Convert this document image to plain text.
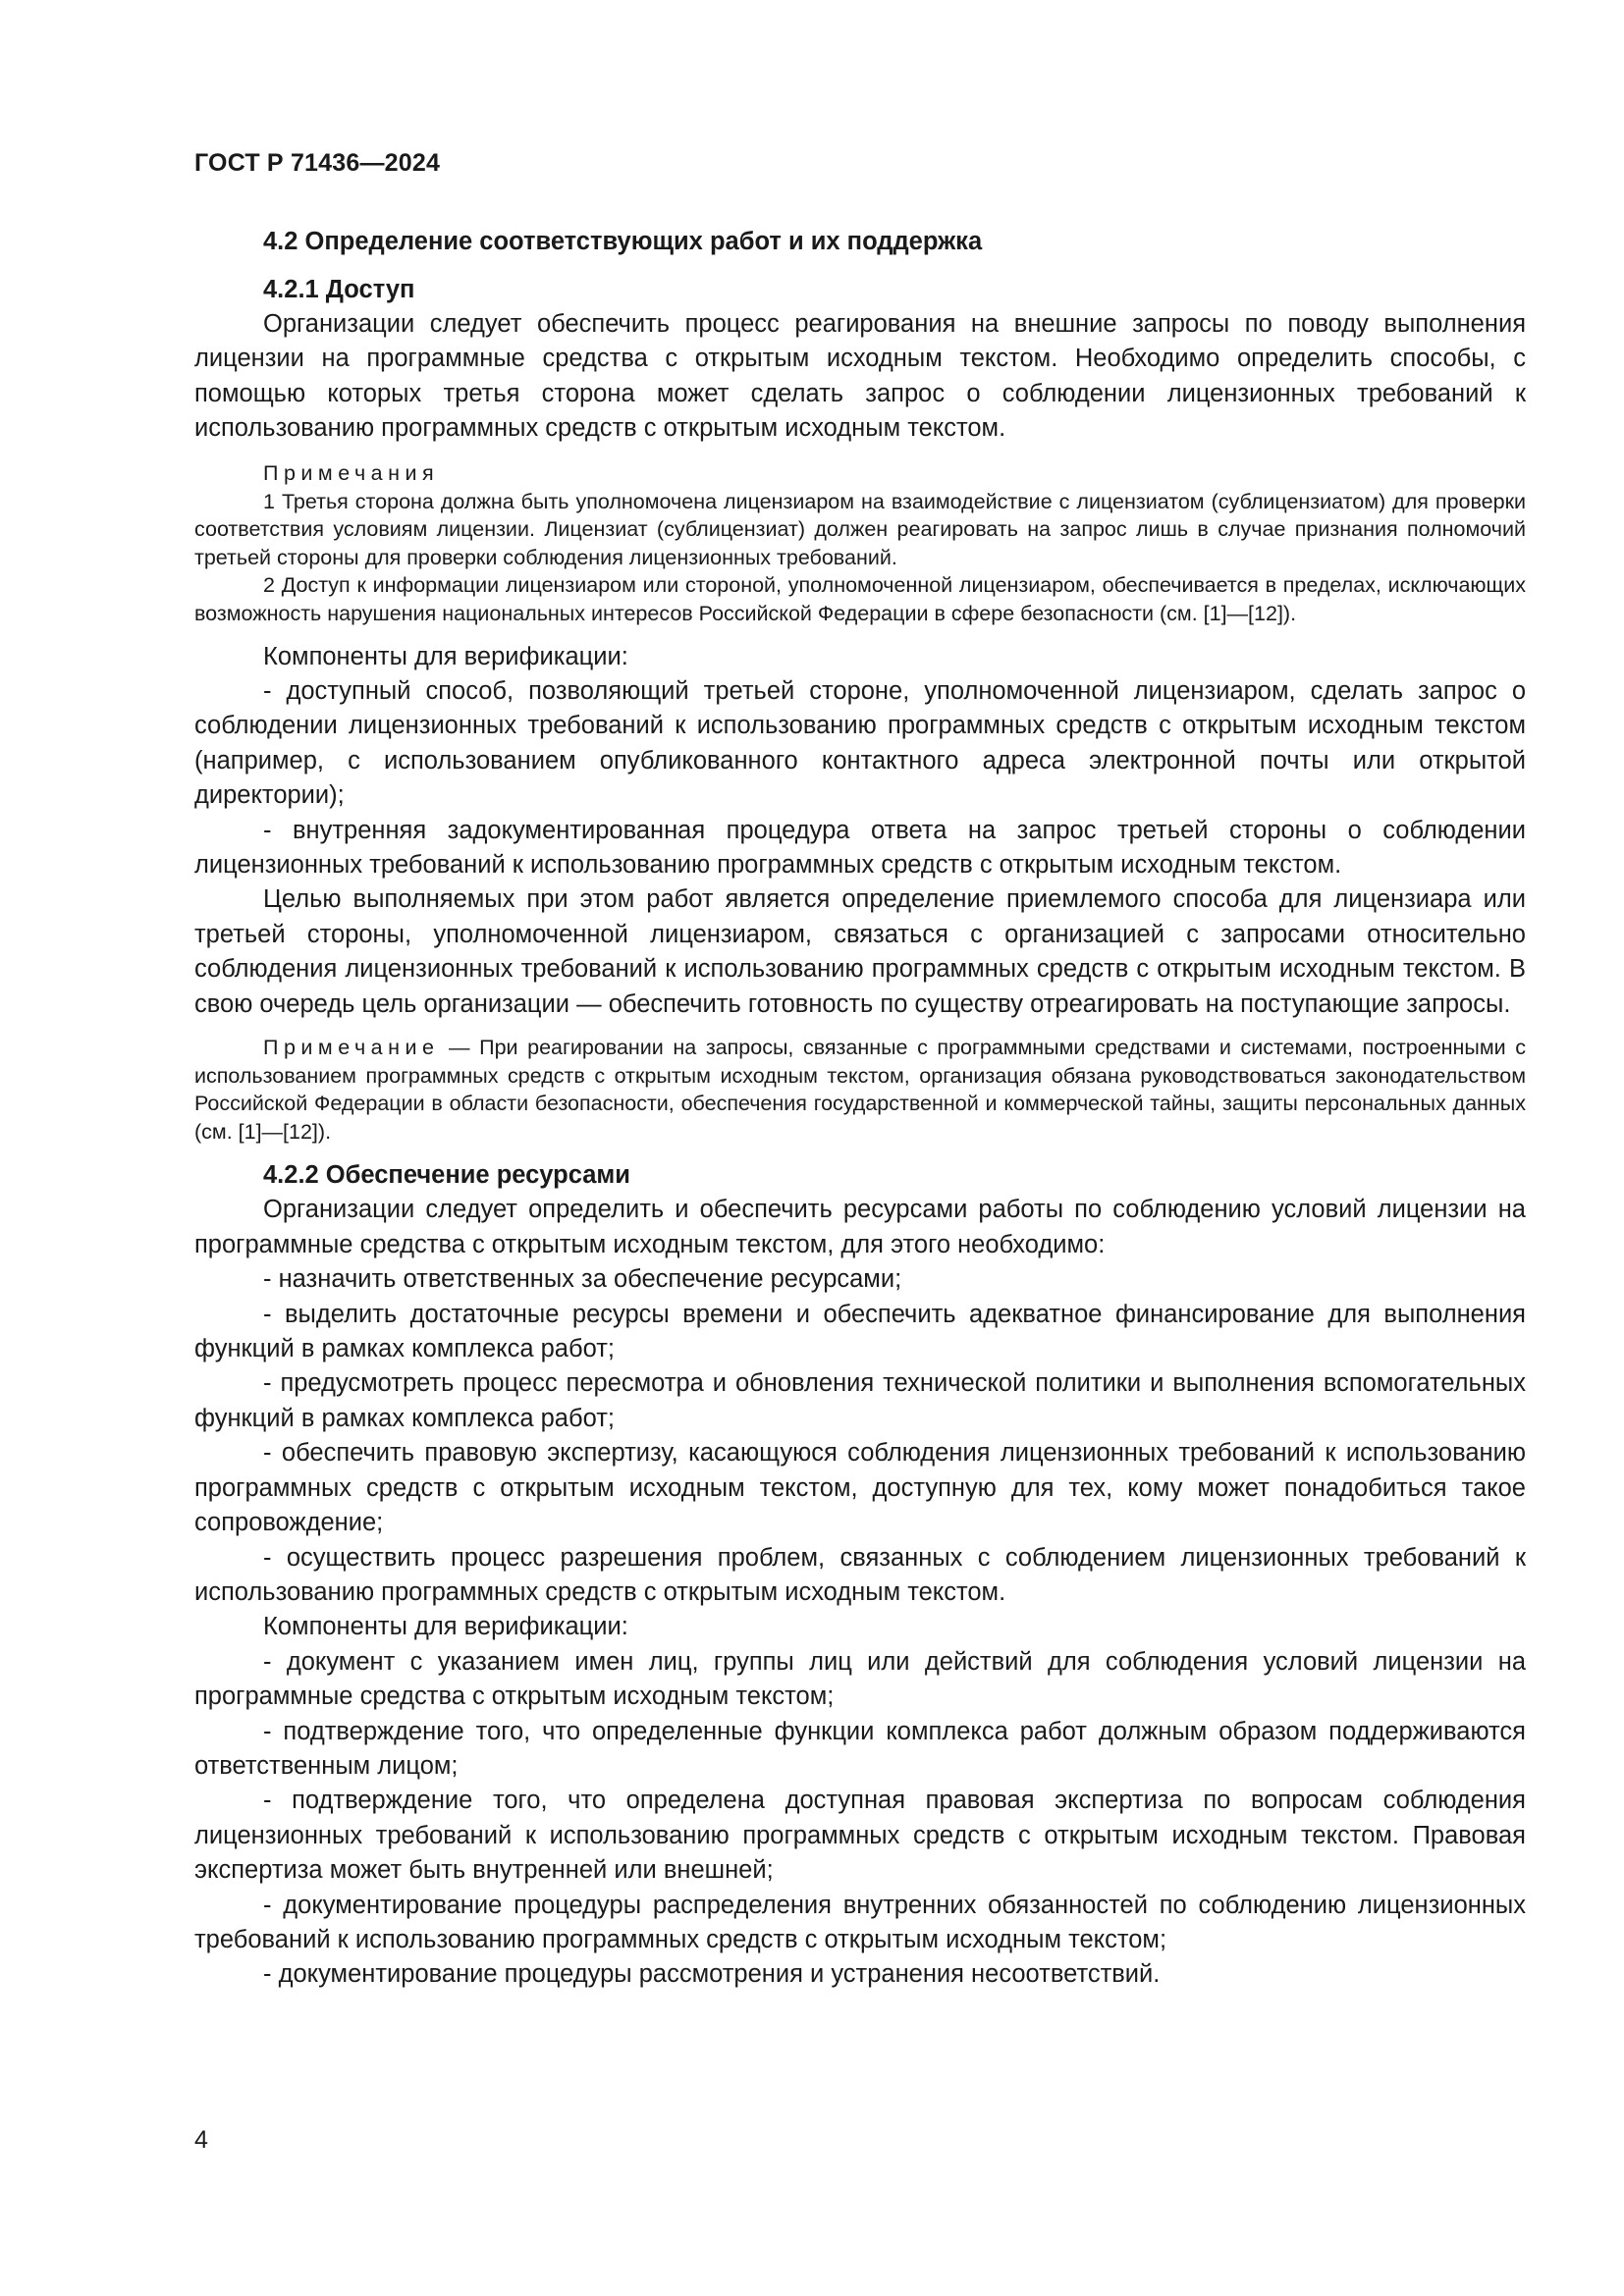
ГОСТ Р 71436—2024

4.2 Определение соответствующих работ и их поддержка

4.2.1 Доступ

Организации следует обеспечить процесс реагирования на внешние запросы по поводу выполнения лицензии на программные средства с открытым исходным текстом. Необходимо определить способы, с помощью которых третья сторона может сделать запрос о соблюдении лицензионных требований к использованию программных средств с открытым исходным текстом.

Примечания

1 Третья сторона должна быть уполномочена лицензиаром на взаимодействие с лицензиатом (сублицензиатом) для проверки соответствия условиям лицензии. Лицензиат (сублицензиат) должен реагировать на запрос лишь в случае признания полномочий третьей стороны для проверки соблюдения лицензионных требований.

2 Доступ к информации лицензиаром или стороной, уполномоченной лицензиаром, обеспечивается в пределах, исключающих возможность нарушения национальных интересов Российской Федерации в сфере безопасности (см. [1]—[12]).

Компоненты для верификации:

- доступный способ, позволяющий третьей стороне, уполномоченной лицензиаром, сделать запрос о соблюдении лицензионных требований к использованию программных средств с открытым исходным текстом (например, с использованием опубликованного контактного адреса электронной почты или открытой директории);

- внутренняя задокументированная процедура ответа на запрос третьей стороны о соблюдении лицензионных требований к использованию программных средств с открытым исходным текстом.

Целью выполняемых при этом работ является определение приемлемого способа для лицензиара или третьей стороны, уполномоченной лицензиаром, связаться с организацией с запросами относительно соблюдения лицензионных требований к использованию программных средств с открытым исходным текстом. В свою очередь цель организации — обеспечить готовность по существу отреагировать на поступающие запросы.

Примечание — При реагировании на запросы, связанные с программными средствами и системами, построенными с использованием программных средств с открытым исходным текстом, организация обязана руководствоваться законодательством Российской Федерации в области безопасности, обеспечения государственной и коммерческой тайны, защиты персональных данных (см. [1]—[12]).

4.2.2 Обеспечение ресурсами

Организации следует определить и обеспечить ресурсами работы по соблюдению условий лицензии на программные средства с открытым исходным текстом, для этого необходимо:

- назначить ответственных за обеспечение ресурсами;

- выделить достаточные ресурсы времени и обеспечить адекватное финансирование для выполнения функций в рамках комплекса работ;

- предусмотреть процесс пересмотра и обновления технической политики и выполнения вспомогательных функций в рамках комплекса работ;

- обеспечить правовую экспертизу, касающуюся соблюдения лицензионных требований к использованию программных средств с открытым исходным текстом, доступную для тех, кому может понадобиться такое сопровождение;

- осуществить процесс разрешения проблем, связанных с соблюдением лицензионных требований к использованию программных средств с открытым исходным текстом.

Компоненты для верификации:

- документ с указанием имен лиц, группы лиц или действий для соблюдения условий лицензии на программные средства с открытым исходным текстом;

- подтверждение того, что определенные функции комплекса работ должным образом поддерживаются ответственным лицом;

- подтверждение того, что определена доступная правовая экспертиза по вопросам соблюдения лицензионных требований к использованию программных средств с открытым исходным текстом. Правовая экспертиза может быть внутренней или внешней;

- документирование процедуры распределения внутренних обязанностей по соблюдению лицензионных требований к использованию программных средств с открытым исходным текстом;

- документирование процедуры рассмотрения и устранения несоответствий.

4
